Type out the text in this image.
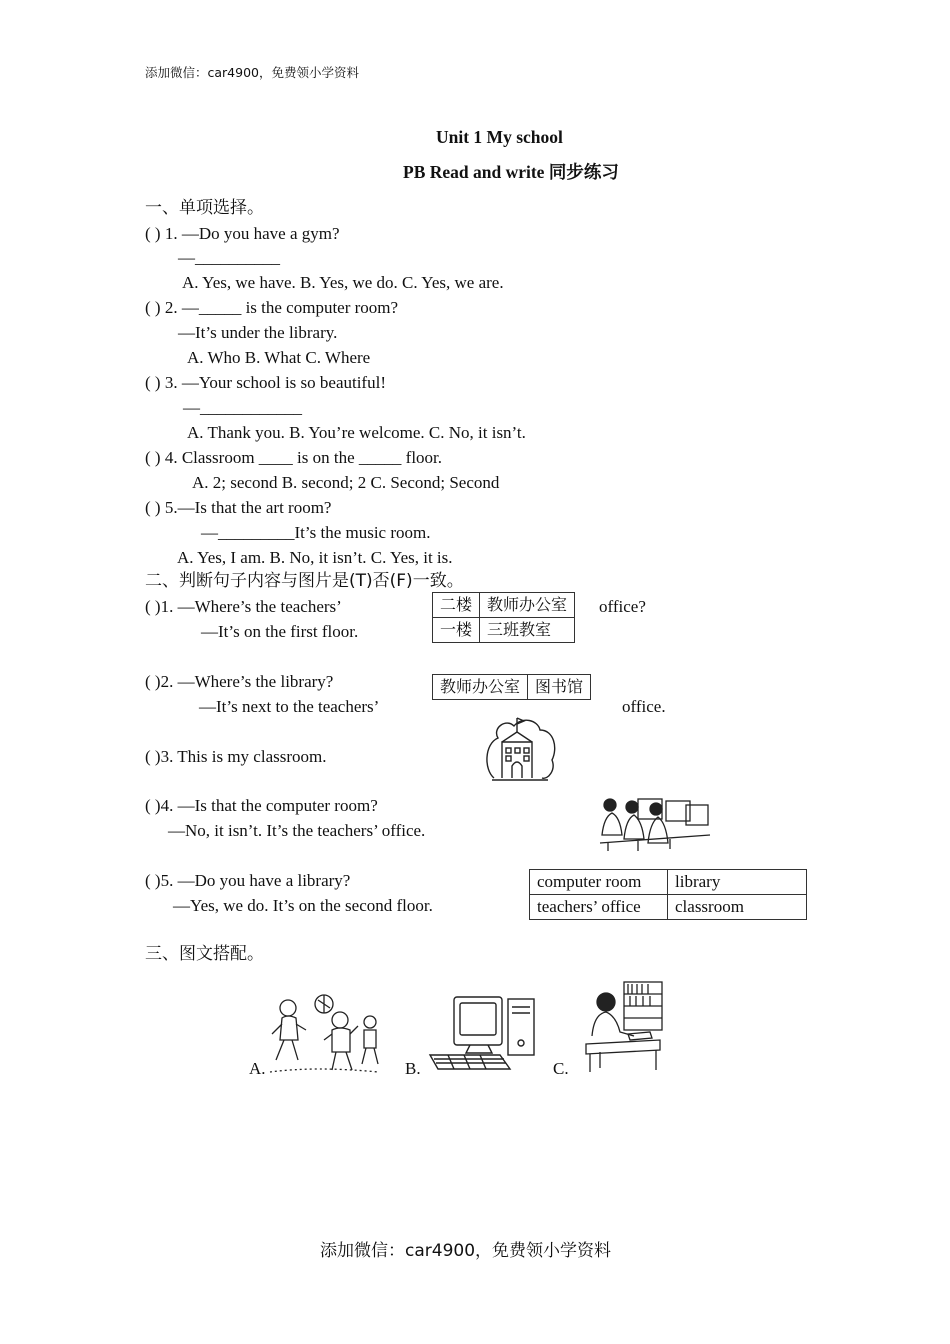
添加微信：car4900，免费领小学资料
Unit 1 My school
PB Read and write 同步练习
一、单项选择。
( ) 1. —Do you have a gym?
—__________
A. Yes, we have. B. Yes, we do. C. Yes, we are.
( ) 2. —_____ is the computer room?
—It’s under the library.
A. Who B. What C. Where
( ) 3. —Your school is so beautiful!
—____________
A. Thank you. B. You’re welcome. C. No, it isn’t.
( ) 4. Classroom ____ is on the _____ floor.
A. 2; second B. second; 2 C. Second; Second
( ) 5.—Is that the art room?
—_________It’s the music room.
A. Yes, I am. B. No, it isn’t. C. Yes, it is.
二、判断句子内容与图片是(T)否(F)一致。
( )1. —Where’s the teachers’	office?
—It’s on the first floor.
二楼	教师办公室
一楼	三班教室
( )2. —Where’s the library?
—It’s next to the teachers’	office.
教师办公室	图书馆
( )3. This is my classroom.
( )4. —Is that the computer room?
—No, it isn’t. It’s the teachers’ office.
( )5. —Do you have a library?
—Yes, we do. It’s on the second floor.
computer room	library
teachers’ office	classroom
三、图文搭配。
A.	B.	C.
添加微信：car4900，免费领小学资料
